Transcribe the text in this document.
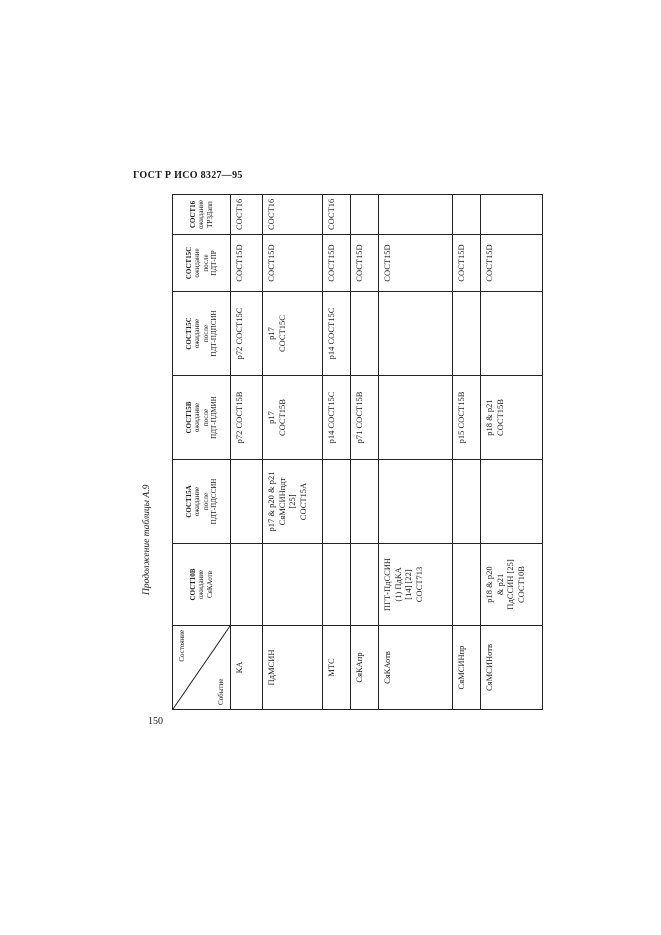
ГОСТ Р ИСО 8327—95
Продолжение таблицы А.9
Состояние
Событие	СОСТ10В ожидание СяКАотв	СОСТ15А ожидание после ПДТ-ПДССИН	СОСТ15В ожидание после ПДТ-ПДМИН	СОСТ15С ожидание после ПДТ-ПДПСИН	СОСТ15С ожидание после ПДТ-ПР	СОСТ16 ожидание ТРЗДапп

КА			р72 СОСТ15В	р72 СОСТ15С	СОСТ15D	СОСТ16

ПдМСИН		р17 & р20 & р21 СяМСИНпдт [25] СОСТ15А	р17 СОСТ15В	р17 СОСТ15С	СОСТ15D	СОСТ16

МТС			р14 СОСТ15С	р14 СОСТ15С	СОСТ15D	СОСТ16

СяКАпр			р71 СОСТ15В		СОСТ15D	

СяКАотв	ПГТ-ПдССИН (1) ПдКА [14] [22] СОСТ713				СОСТ15D	

СяМСИНпр			р15 СОСТ15В		СОСТ15D	

СяМСИНотв	р18 & р20 & р21 ПдССИН [25] СОСТ10В		р18 & р21 СОСТ15В		СОСТ15D	

150
